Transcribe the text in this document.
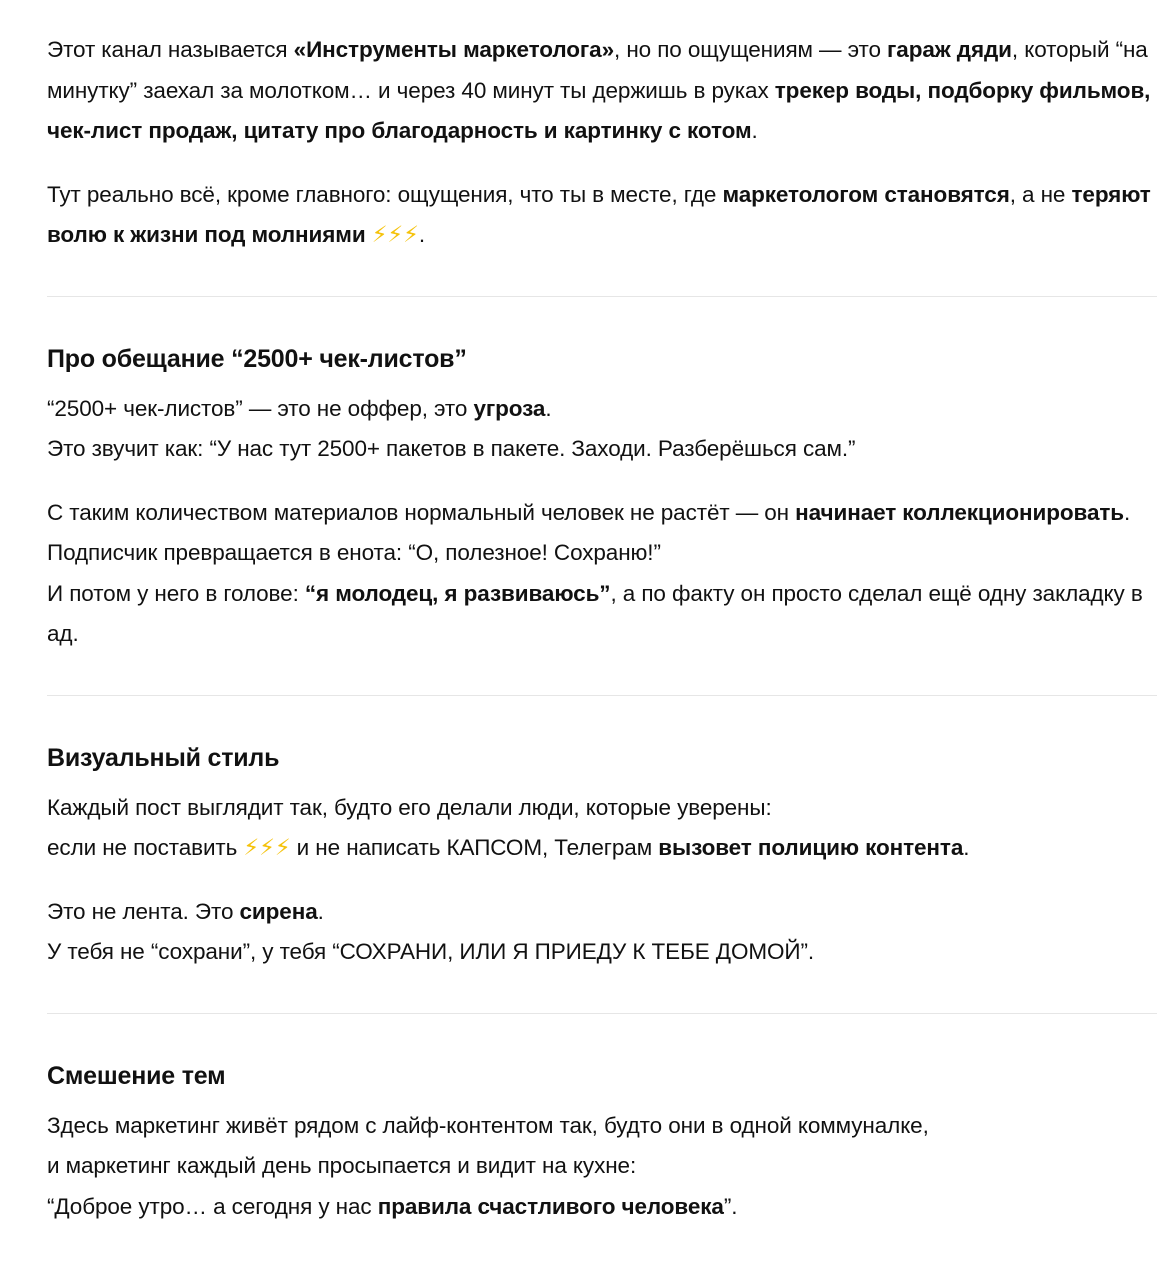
Этот канал называется «Инструменты маркетолога», но по ощущениям — это гараж дяди, который “на минутку” заехал за молотком… и через 40 минут ты держишь в руках трекер воды, подборку фильмов, чек-лист продаж, цитату про благодарность и картинку с котом.

Тут реально всё, кроме главного: ощущения, что ты в месте, где маркетологом становятся, а не теряют волю к жизни под молниями ⚡⚡⚡.

Про обещание “2500+ чек-листов”

“2500+ чек-листов” — это не оффер, это угроза.
Это звучит как: “У нас тут 2500+ пакетов в пакете. Заходи. Разберёшься сам.”

С таким количеством материалов нормальный человек не растёт — он начинает коллекционировать.
Подписчик превращается в енота: “О, полезное! Сохраню!”
И потом у него в голове: “я молодец, я развиваюсь”, а по факту он просто сделал ещё одну закладку в ад.

Визуальный стиль

Каждый пост выглядит так, будто его делали люди, которые уверены:
если не поставить ⚡⚡⚡ и не написать КАПСОМ, Телеграм вызовет полицию контента.

Это не лента. Это сирена.
У тебя не “сохрани”, у тебя “СОХРАНИ, ИЛИ Я ПРИЕДУ К ТЕБЕ ДОМОЙ”.

Смешение тем

Здесь маркетинг живёт рядом с лайф-контентом так, будто они в одной коммуналке,
и маркетинг каждый день просыпается и видит на кухне:
“Доброе утро… а сегодня у нас правила счастливого человека”.
